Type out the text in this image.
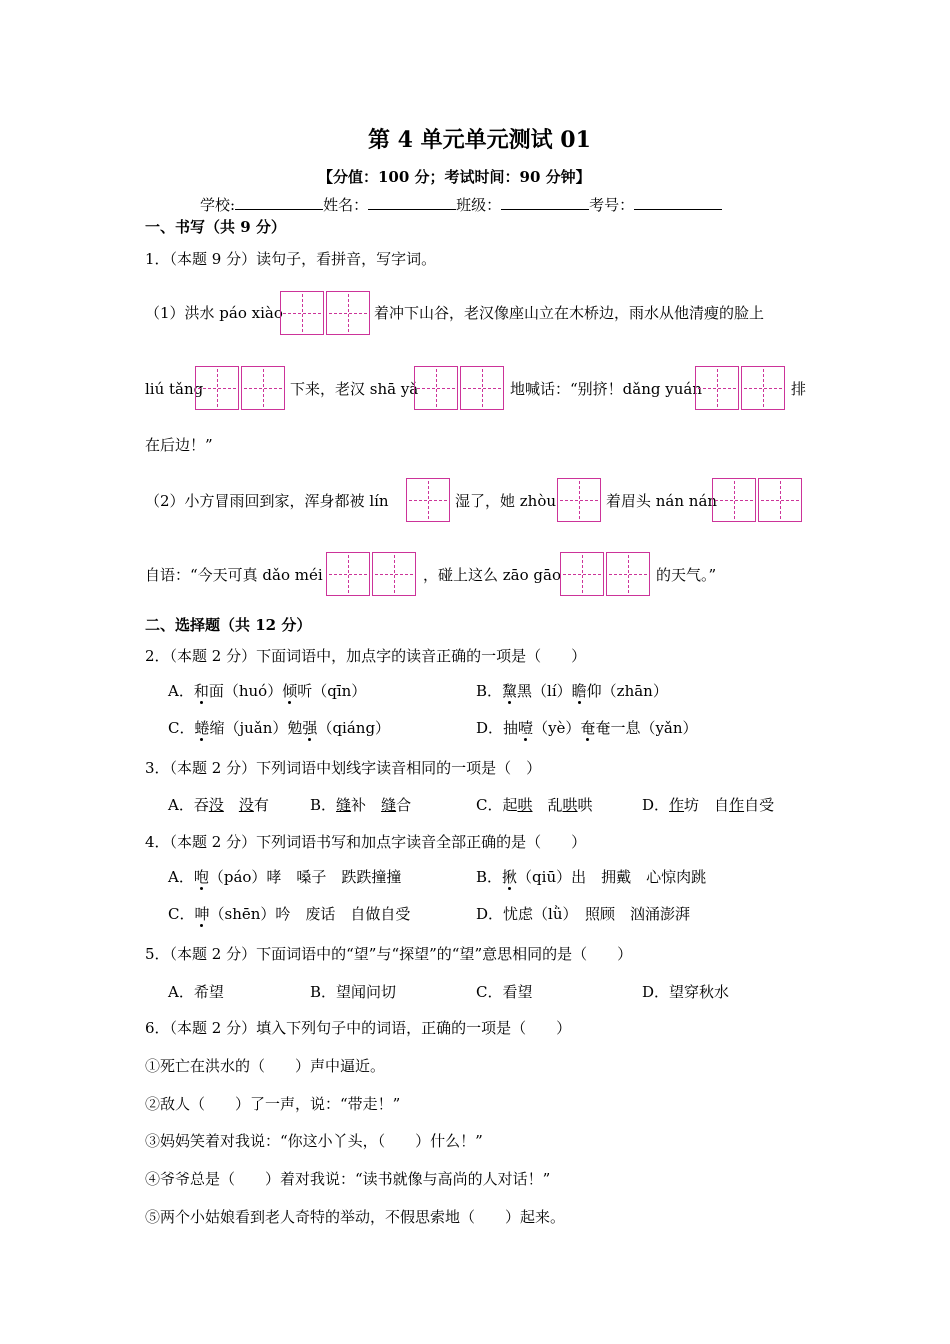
第 4 单元单元测试 01
【分值：100 分；考试时间：90 分钟】
学校:	姓名：	班级：	考号：
一、书写（共 9 分）
1．（本题 9 分）读句子，看拼音，写字词。
（1）洪水 páo xiào	着冲下山谷，老汉像座山立在木桥边，雨水从他清瘦的脸上
liú tǎng	下来，老汉 shā yǎ	地喊话：“别挤！dǎng yuán	排
在后边！”
（2）小方冒雨回到家，浑身都被 lín	湿了，她 zhòu	着眉头 nán nán
自语：“今天可真 dǎo méi	，碰上这么 zāo gāo	的天气。”
二、选择题（共 12 分）
2．（本题 2 分）下面词语中，加点字的读音正确的一项是（　　）
A．和面（huó）倾听（qīn）	B．黧黑（lí）瞻仰（zhān）
C．蜷缩（juǎn）勉强（qiáng）	D．抽噎（yè）奄奄一息（yǎn）
3．（本题 2 分）下列词语中划线字读音相同的一项是（　）
A．吞没　 没有	B．缝补　缝合	C．起哄　乱哄哄	D．作坊　自作自受
4．（本题 2 分）下列词语书写和加点字读音全部正确的是（　　）
A．咆（páo）哮　嗓子　跌跌撞撞	B．揪（qiū）出　拥戴　心惊肉跳
C．呻（shēn）吟　废话　自做自受	D．忧虑（lǜ）　照顾　汹涌澎湃
5．（本题 2 分）下面词语中的“望”与“探望”的“望”意思相同的是（　　）
A．希望	B．望闻问切	C．看望	D．望穿秋水
6．（本题 2 分）填入下列句子中的词语，正确的一项是（　　）
①死亡在洪水的（　　）声中逼近。
②敌人（　　）了一声，说：“带走！”
③妈妈笑着对我说：“你这小丫头，（　　）什么！”
④爷爷总是（　　）着对我说：“读书就像与高尚的人对话！”
⑤两个小姑娘看到老人奇特的举动，不假思索地（　　）起来。
